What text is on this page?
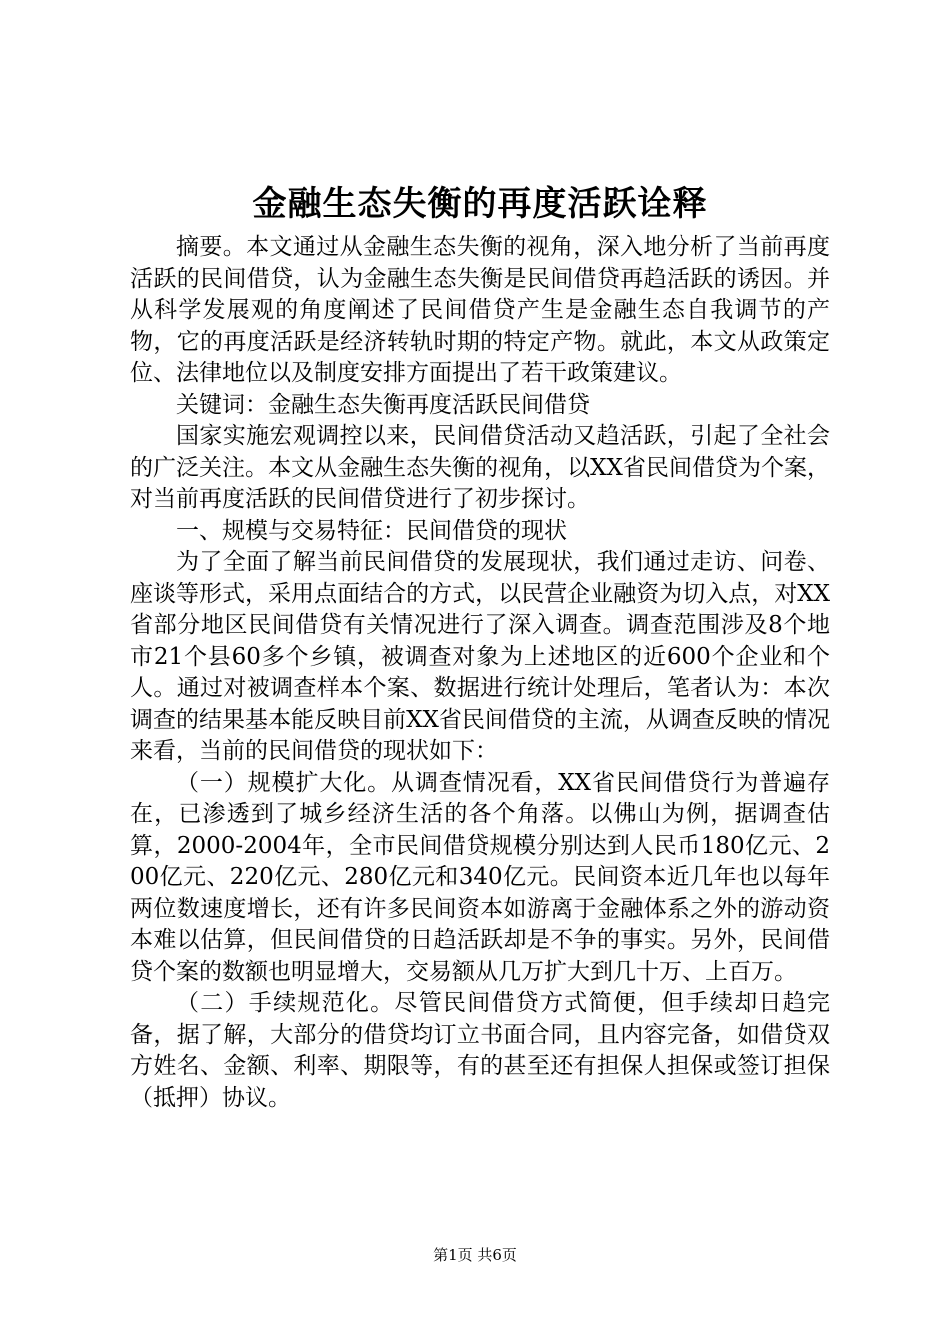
金融生态失衡的再度活跃诠释

摘要。本文通过从金融生态失衡的视角，深入地分析了当前再度活跃的民间借贷，认为金融生态失衡是民间借贷再趋活跃的诱因。并从科学发展观的角度阐述了民间借贷产生是金融生态自我调节的产物，它的再度活跃是经济转轨时期的特定产物。就此，本文从政策定位、法律地位以及制度安排方面提出了若干政策建议。

关键词：金融生态失衡再度活跃民间借贷

国家实施宏观调控以来，民间借贷活动又趋活跃，引起了全社会的广泛关注。本文从金融生态失衡的视角，以XX省民间借贷为个案，对当前再度活跃的民间借贷进行了初步探讨。

一、规模与交易特征：民间借贷的现状

为了全面了解当前民间借贷的发展现状，我们通过走访、问卷、座谈等形式，采用点面结合的方式，以民营企业融资为切入点，对XX省部分地区民间借贷有关情况进行了深入调查。调查范围涉及8个地市21个县60多个乡镇，被调查对象为上述地区的近600个企业和个人。通过对被调查样本个案、数据进行统计处理后，笔者认为：本次调查的结果基本能反映目前XX省民间借贷的主流，从调查反映的情况来看，当前的民间借贷的现状如下：

（一）规模扩大化。从调查情况看，XX省民间借贷行为普遍存在，已渗透到了城乡经济生活的各个角落。以佛山为例，据调查估算，2000-2004年，全市民间借贷规模分别达到人民币180亿元、200亿元、220亿元、280亿元和340亿元。民间资本近几年也以每年两位数速度增长，还有许多民间资本如游离于金融体系之外的游动资本难以估算，但民间借贷的日趋活跃却是不争的事实。另外，民间借贷个案的数额也明显增大，交易额从几万扩大到几十万、上百万。

（二）手续规范化。尽管民间借贷方式简便，但手续却日趋完备，据了解，大部分的借贷均订立书面合同，且内容完备，如借贷双方姓名、金额、利率、期限等，有的甚至还有担保人担保或签订担保（抵押）协议。

第1页 共6页
